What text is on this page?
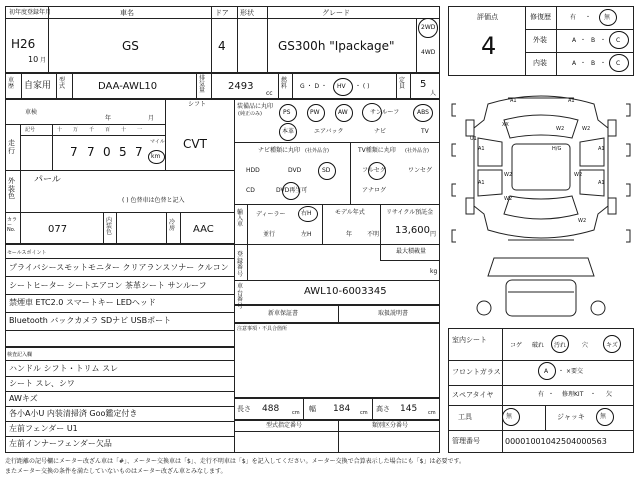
初年度登録年月	車名	ドア 形状	グレード
H26
10 月
GS	4	GS300h "Ipackage"
2WD
4WD
車歴	自家用
型式	DAA-AWL10
排気量	2493
cc
燃料	G ・ D ・ HV ・ ( )
定員	5
人
車検
年	月
シフト
CVT
走行
記号	十 万 千 百 十 一
7 7 0 5 7
マイル
km
外装色
パール
( ) 色替車は色替と記入
カラーNo.	077
内装色
冷房 AAC
装備品に丸印
(純正のみ)	PS	PW	AW	サンルーフ	ABS
本革	エアバック	ナビ	TV
ナビ種類に丸印 (社外品含)
HDD	DVD	SD
CD	DVD再生可
TV種類に丸印 (社外品含)
フルセグ	ワンセグ
アナログ
輸入車
ディーラー	右H
並行	左H
モデル年式
年 不明
リサイクル預託金
13,600 円
登録番号
最大積載量
kg
車台番号
AWL10-6003345
セールスポイント
プライバシースモットモニター クリアランスソナー クルコン
シートヒーター シートエアコン 茶革シート サンルーフ
禁煙車 ETC2.0 スマートキー LEDヘッド
Bluetooth バックカメラ SDナビ USBポート
新車保証書	取扱説明書
注意事項・不具合箇所
検査記入欄
ハンドル シフト・トリム スレ
シート スレ、シワ
AWキズ
各小A小U 内装清掃済 Goo鑑定付き
左前フェンダー U1
左前インナーフェンダー欠品
長さ 488	cm 幅 184 cm 高さ 145 cm
型式指定番号	類別区分番号
評価点
4
修復歴	有 ・ 無
外装	A ・ B ・ C
内装	A ・ B ・ C
A1	A1
XX
W2	W2
A1
A1
W2
W2
W2
A1
A1
W2
H/G
U1
室内シート
コゲ 破れ 汚れ	穴	キズ
フロントガラス	A ・ ×要交
スペアタイヤ	有 ・ 修理KIT ・ 欠
工具	無	ジャッキ	無
管理番号	00001001042504000563
走行距離の記号欄にメーター改ざん車は「#」、メーター交換車は「$」、走行不明車は「$」を記入してください。メーター交換で合算表示した場合にも「$」は必要です。
またメーター交換の条件を満たしていないものはメーター改ざん車とみなします。
